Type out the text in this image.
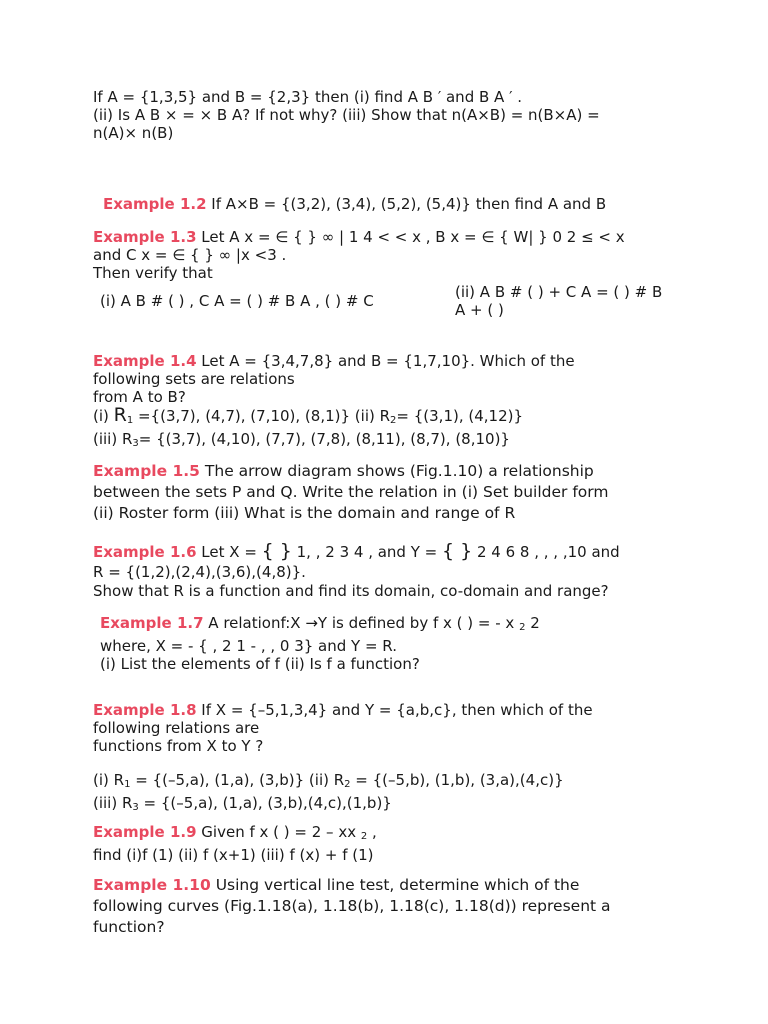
If A = {1,3,5} and B = {2,3} then (i) find A B ′ and B A ′ .

(ii) Is A B × = × B A? If not why? (iii) Show that n(A×B) = n(B×A) =

n(A)× n(B)

Example 1.2 If A×B = {(3,2), (3,4), (5,2), (5,4)} then find A and B

Example 1.3 Let A x = ∈ { } ∞ | 1 4 < < x , B x = ∈ { W| } 0 2 ≤ < x

and C x = ∈ { } ∞ |x <3 .

Then verify that

(i) A B # ( ) , C A = ( ) # B A , ( ) # C	(ii) A B # ( ) + C A = ( ) # B

A + ( )

Example 1.4 Let A = {3,4,7,8} and B = {1,7,10}. Which of the

following sets are relations

from A to B?

(i) $R_1 =\{(3,7)$, (4,7), (7,10), (8,1)} (ii) $R_2= \{(3,1)$, (4,12)}

(iii) $R_3= \{(3,7)$, (4,10), (7,7), (7,8), (8,11), (8,7), (8,10)}

Example 1.5 The arrow diagram shows (Fig.1.10) a relationship

between the sets P and Q. Write the relation in (i) Set builder form

(ii) Roster form (iii) What is the domain and range of R

Example 1.6 Let X = { } 1, , 2 3 4 , and Y = { } 2 4 6 8 , , , ,10 and

R = {(1,2),(2,4),(3,6),(4,8)}.

Show that R is a function and find its domain, co-domain and range?

Example 1.7 A relationf:X →Y is defined by f x ( ) = - x $_2$ 2

where, X = - { , 2 1 - , , 0 3} and Y = R.

(i) List the elements of f (ii) Is f a function?

Example 1.8 If X = {–5,1,3,4} and Y = {a,b,c}, then which of the

following relations are

functions from X to Y ?

(i) $R_1 = \{(-5,a)$, (1,a), (3,b)} (ii) $R_2 = \{(-5,b)$, (1,b), (3,a),(4,c)}

(iii) $R_3 = \{(-5,a)$, (1,a), (3,b),(4,c),(1,b)}

Example 1.9 Given f x ( ) = 2 – xx $_2$ ,

find (i)f (1) (ii) f (x+1) (iii) f (x) + f (1)

Example 1.10 Using vertical line test, determine which of the

following curves (Fig.1.18(a), 1.18(b), 1.18(c), 1.18(d)) represent a

function?
